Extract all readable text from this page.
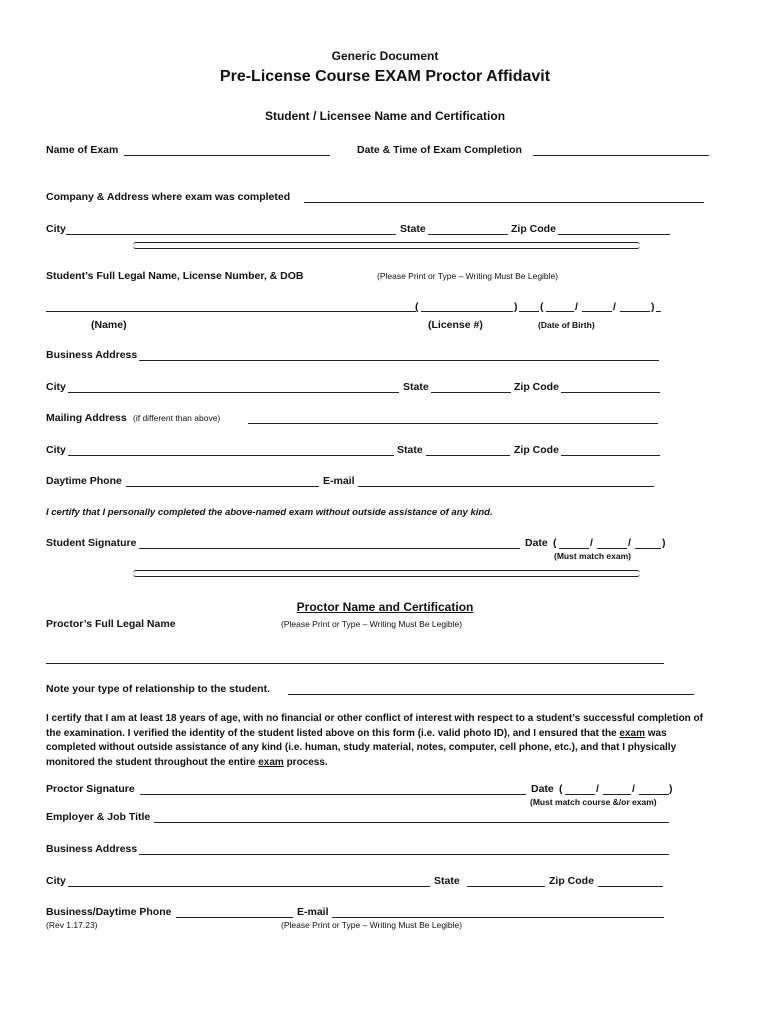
Generic Document
Pre-License Course EXAM Proctor Affidavit
Student / Licensee Name and Certification
Name of Exam	Date & Time of Exam Completion
Company & Address where exam was completed
City	State	Zip Code
Student’s Full Legal Name, License Number, & DOB	(Please Print or Type – Writing Must Be Legible)
(	) (	/	/	)
(Name)	(License #)	(Date of Birth)
Business Address
City	State	Zip Code
Mailing Address (if different than above)
City	State	Zip Code
Daytime Phone	E-mail
I certify that I personally completed the above-named exam without outside assistance of any kind.
Student Signature	Date (	/	/	)
(Must match exam)
Proctor Name and Certification
Proctor’s Full Legal Name	(Please Print or Type – Writing Must Be Legible)
Note your type of relationship to the student.
I certify that I am at least 18 years of age, with no financial or other conflict of interest with respect to a student’s successful completion of the examination. I verified the identity of the student listed above on this form (i.e. valid photo ID), and I ensured that the exam was completed without outside assistance of any kind (i.e. human, study material, notes, computer, cell phone, etc.), and that I physically monitored the student throughout the entire exam process.
Proctor Signature	Date (	/	/	)
(Must match course &/or exam)
Employer & Job Title
Business Address
City	State	Zip Code
Business/Daytime Phone	E-mail
(Rev 1.17.23)	(Please Print or Type – Writing Must Be Legible)
